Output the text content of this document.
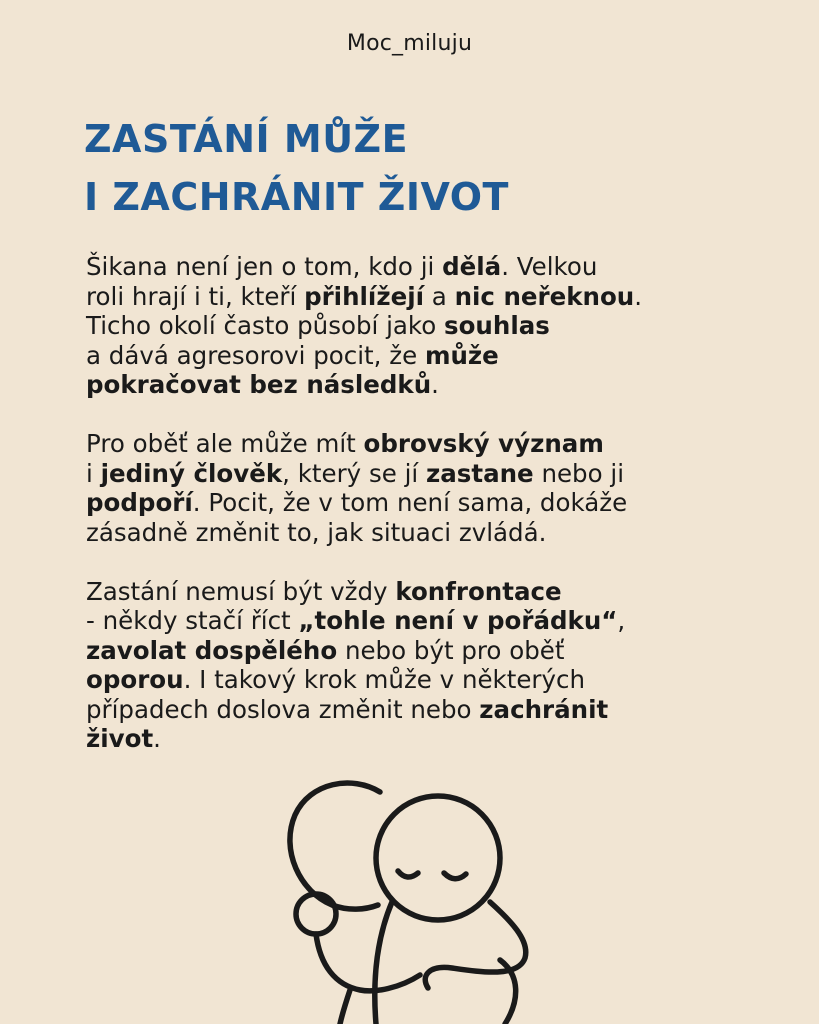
Moc_miluju
ZASTÁNÍ MŮŽE
I ZACHRÁNIT ŽIVOT

Šikana není jen o tom, kdo ji dělá. Velkou
roli hrají i ti, kteří přihlížejí a nic neřeknou.
Ticho okolí často působí jako souhlas
a dává agresorovi pocit, že může
pokračovat bez následků.

Pro oběť ale může mít obrovský význam
i jediný člověk, který se jí zastane nebo ji
podpoří. Pocit, že v tom není sama, dokáže
zásadně změnit to, jak situaci zvládá.

Zastání nemusí být vždy konfrontace
- někdy stačí říct „tohle není v pořádku“,
zavolat dospělého nebo být pro oběť
oporou. I takový krok může v některých
případech doslova změnit nebo zachránit
život.
